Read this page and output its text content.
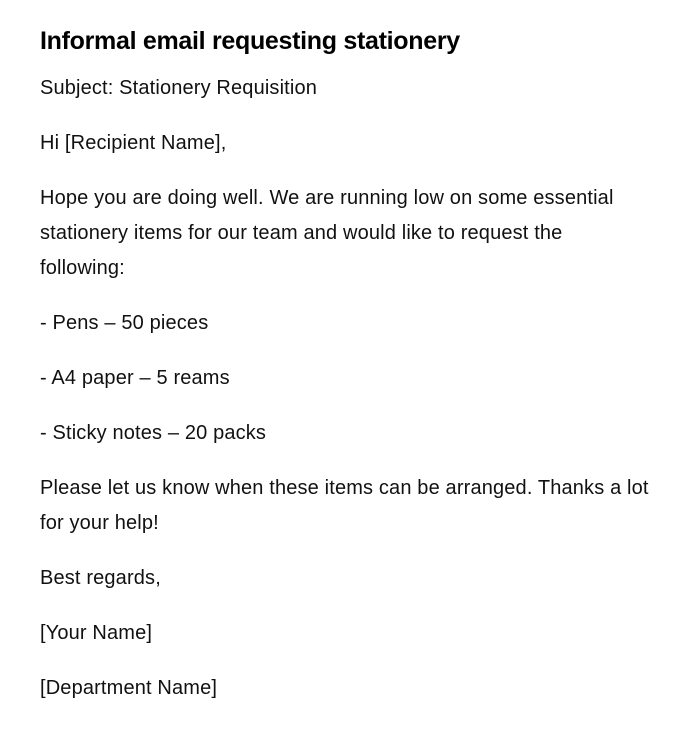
Informal email requesting stationery

Subject: Stationery Requisition

Hi [Recipient Name],

Hope you are doing well. We are running low on some essential stationery items for our team and would like to request the following:

- Pens – 50 pieces

- A4 paper – 5 reams

- Sticky notes – 20 packs

Please let us know when these items can be arranged. Thanks a lot for your help!

Best regards,

[Your Name]

[Department Name]
